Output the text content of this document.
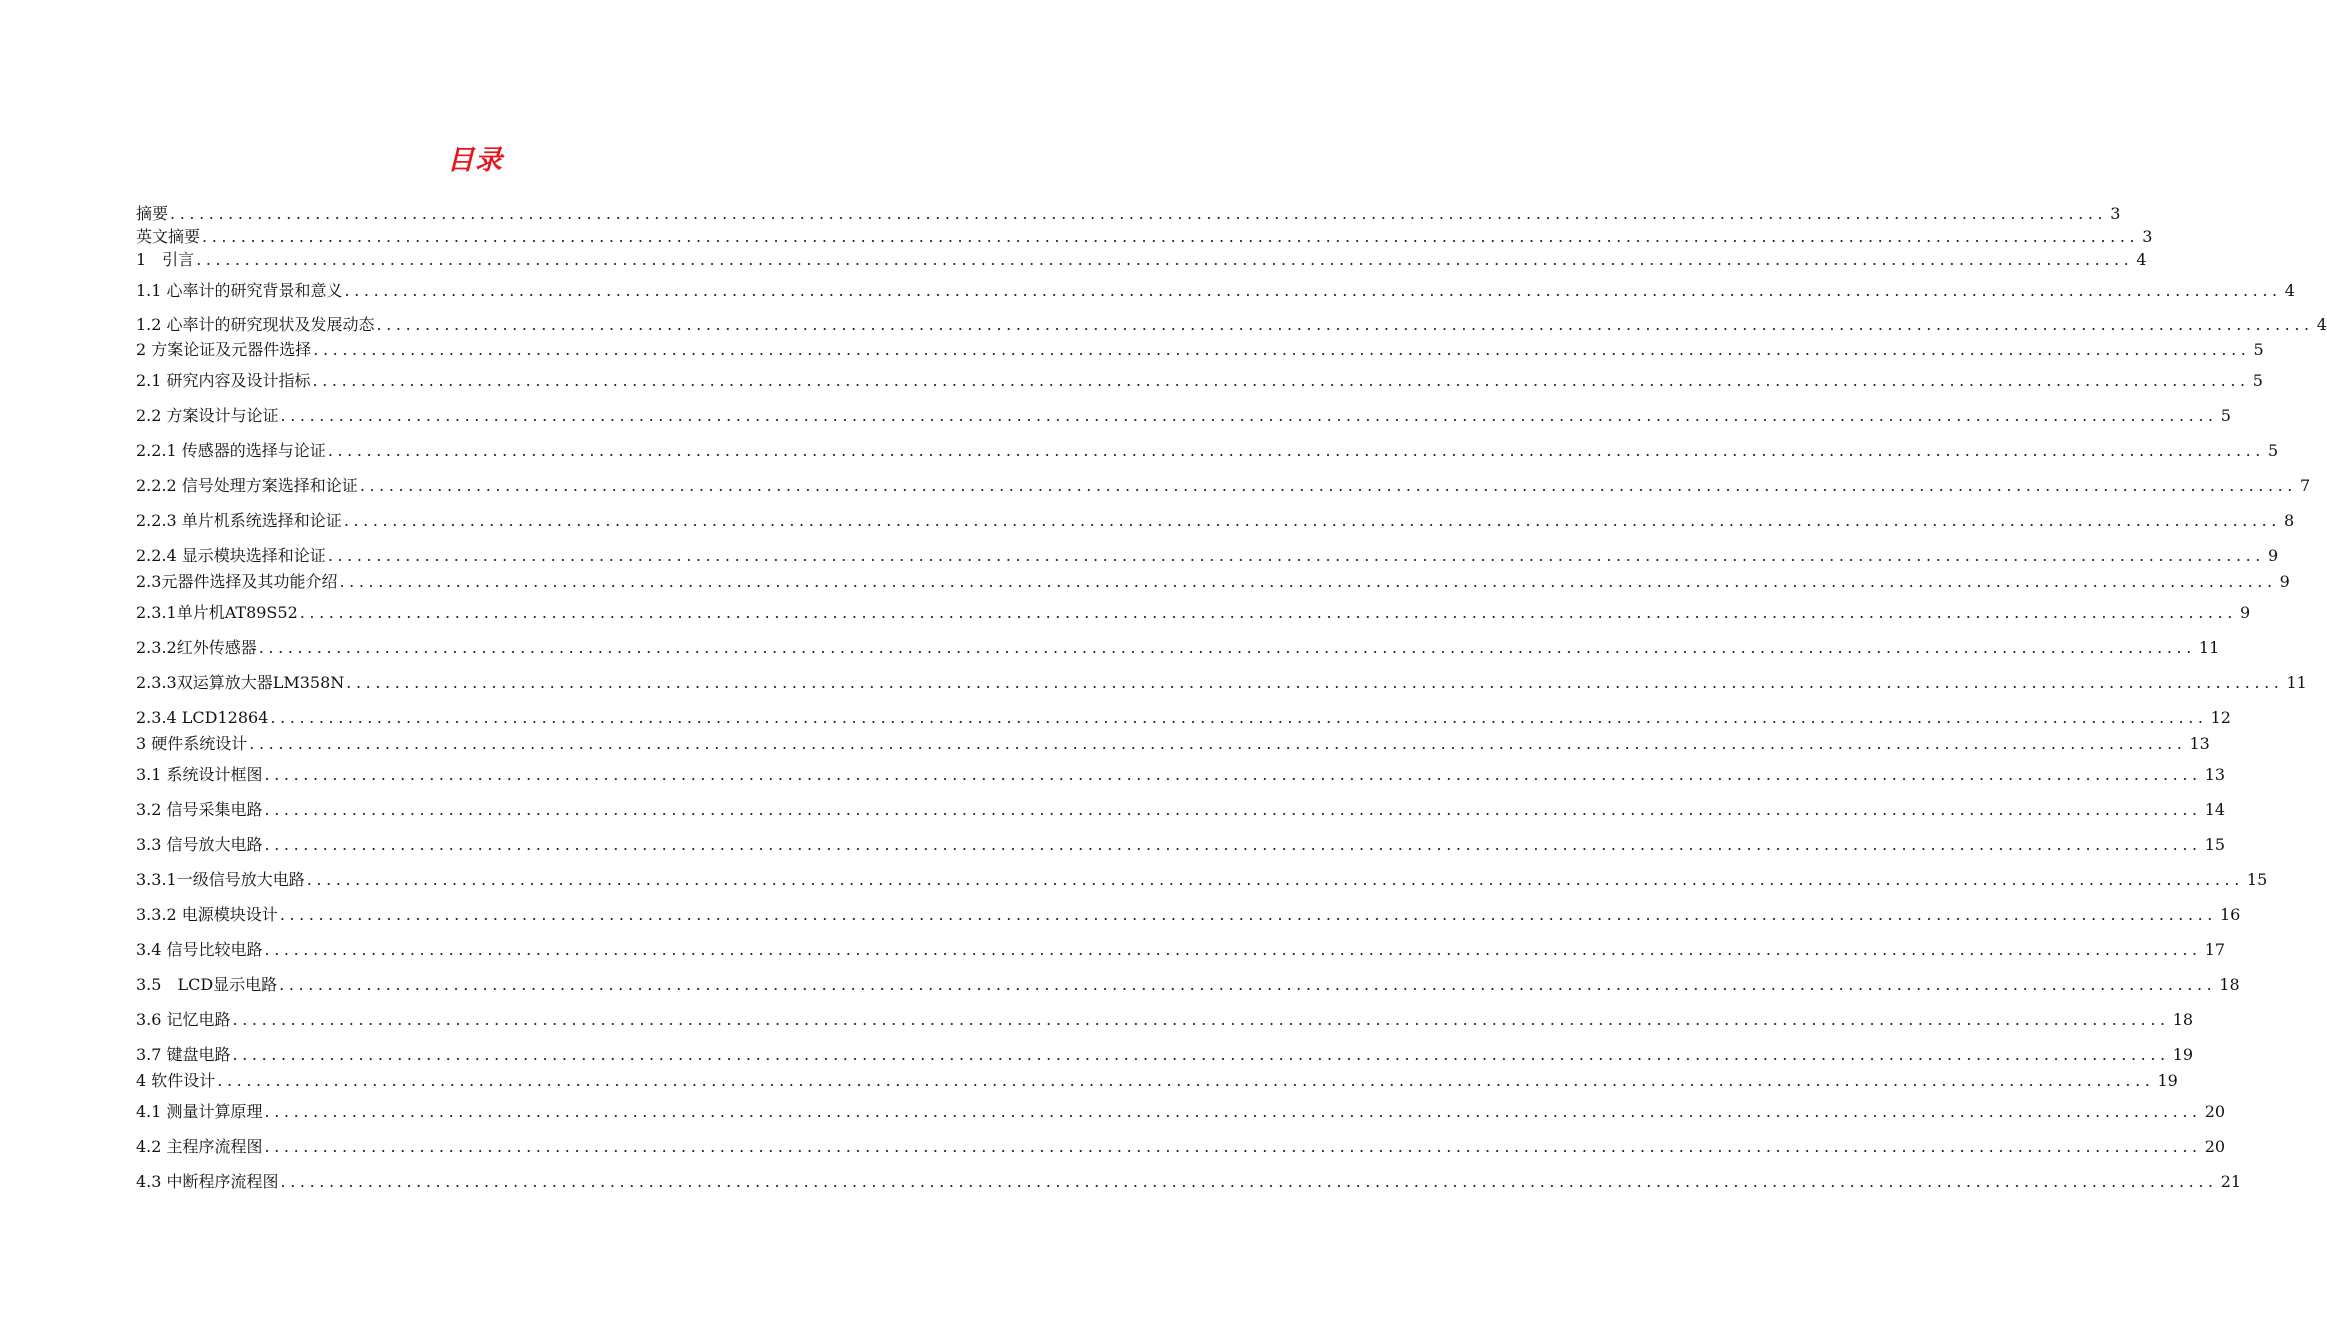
目录
摘要 ........................................................................................................................................................................................................ 3
英文摘要 ........................................................................................................................................................................................................ 3
1　引言 ........................................................................................................................................................................................................ 4
1.1 心率计的研究背景和意义 ........................................................................................................................................................................................................ 4
1.2 心率计的研究现状及发展动态 ........................................................................................................................................................................................................ 4
2 方案论证及元器件选择 ........................................................................................................................................................................................................ 5
2.1 研究内容及设计指标 ........................................................................................................................................................................................................ 5
2.2 方案设计与论证 ........................................................................................................................................................................................................ 5
2.2.1 传感器的选择与论证 ........................................................................................................................................................................................................ 5
2.2.2 信号处理方案选择和论证 ........................................................................................................................................................................................................ 7
2.2.3 单片机系统选择和论证 ........................................................................................................................................................................................................ 8
2.2.4 显示模块选择和论证 ........................................................................................................................................................................................................ 9
2.3元器件选择及其功能介绍 ........................................................................................................................................................................................................ 9
2.3.1单片机AT89S52 ........................................................................................................................................................................................................ 9
2.3.2红外传感器 ........................................................................................................................................................................................................ 11
2.3.3双运算放大器LM358N ........................................................................................................................................................................................................ 11
2.3.4 LCD12864 ........................................................................................................................................................................................................ 12
3 硬件系统设计 ........................................................................................................................................................................................................ 13
3.1 系统设计框图 ........................................................................................................................................................................................................ 13
3.2 信号采集电路 ........................................................................................................................................................................................................ 14
3.3 信号放大电路 ........................................................................................................................................................................................................ 15
3.3.1一级信号放大电路 ........................................................................................................................................................................................................ 15
3.3.2 电源模块设计 ........................................................................................................................................................................................................ 16
3.4 信号比较电路 ........................................................................................................................................................................................................ 17
3.5　LCD显示电路 ........................................................................................................................................................................................................ 18
3.6 记忆电路 ........................................................................................................................................................................................................ 18
3.7 键盘电路 ........................................................................................................................................................................................................ 19
4 软件设计 ........................................................................................................................................................................................................ 19
4.1 测量计算原理 ........................................................................................................................................................................................................ 20
4.2 主程序流程图 ........................................................................................................................................................................................................ 20
4.3 中断程序流程图 ........................................................................................................................................................................................................ 21
